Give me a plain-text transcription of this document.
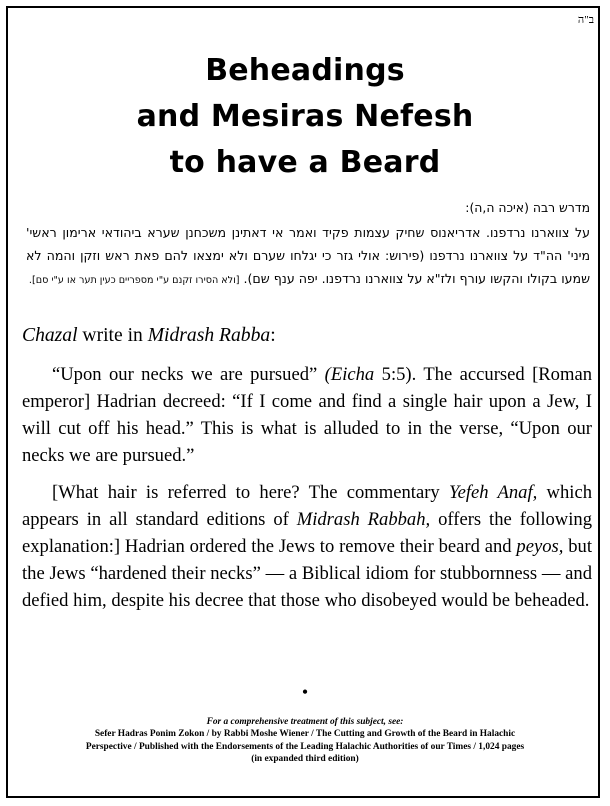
ב"ה
Beheadings
and Mesiras Nefesh
to have a Beard
מדרש רבה (איכה ה,ה):
על צווארנו נרדפנו. אדריאנוס שחיק עצמות פקיד ואמר אי דאתינן משכחנן שערא ביהודאי ארימון ראשי' מיני' הה"ד על צווארנו נרדפנו (פירוש: אולי גזר כי יגלחו שערם ולא ימצאו להם פאת ראש וזקן והמה לא שמעו בקולו והקשו עורף ולז"א על צווארנו נרדפנו. יפה ענף שם). [ולא הסירו זקנם ע"י מספריים כעין תער או ע"י סם].

Chazal write in Midrash Rabba:

“Upon our necks we are pursued” (Eicha 5:5). The accursed [Roman emperor] Hadrian decreed: “If I come and find a single hair upon a Jew, I will cut off his head.” This is what is alluded to in the verse, “Upon our necks we are pursued.”

[What hair is referred to here? The commentary Yefeh Anaf, which appears in all standard editions of Midrash Rabbah, offers the following explanation:] Hadrian ordered the Jews to remove their beard and peyos, but the Jews “hardened their necks” — a Biblical idiom for stubbornness — and defied him, despite his decree that those who disobeyed would be beheaded.

•
For a comprehensive treatment of this subject, see:
Sefer Hadras Ponim Zokon / by Rabbi Moshe Wiener / The Cutting and Growth of the Beard in Halachic
Perspective / Published with the Endorsements of the Leading Halachic Authorities of our Times / 1,024 pages
(in expanded third edition)
